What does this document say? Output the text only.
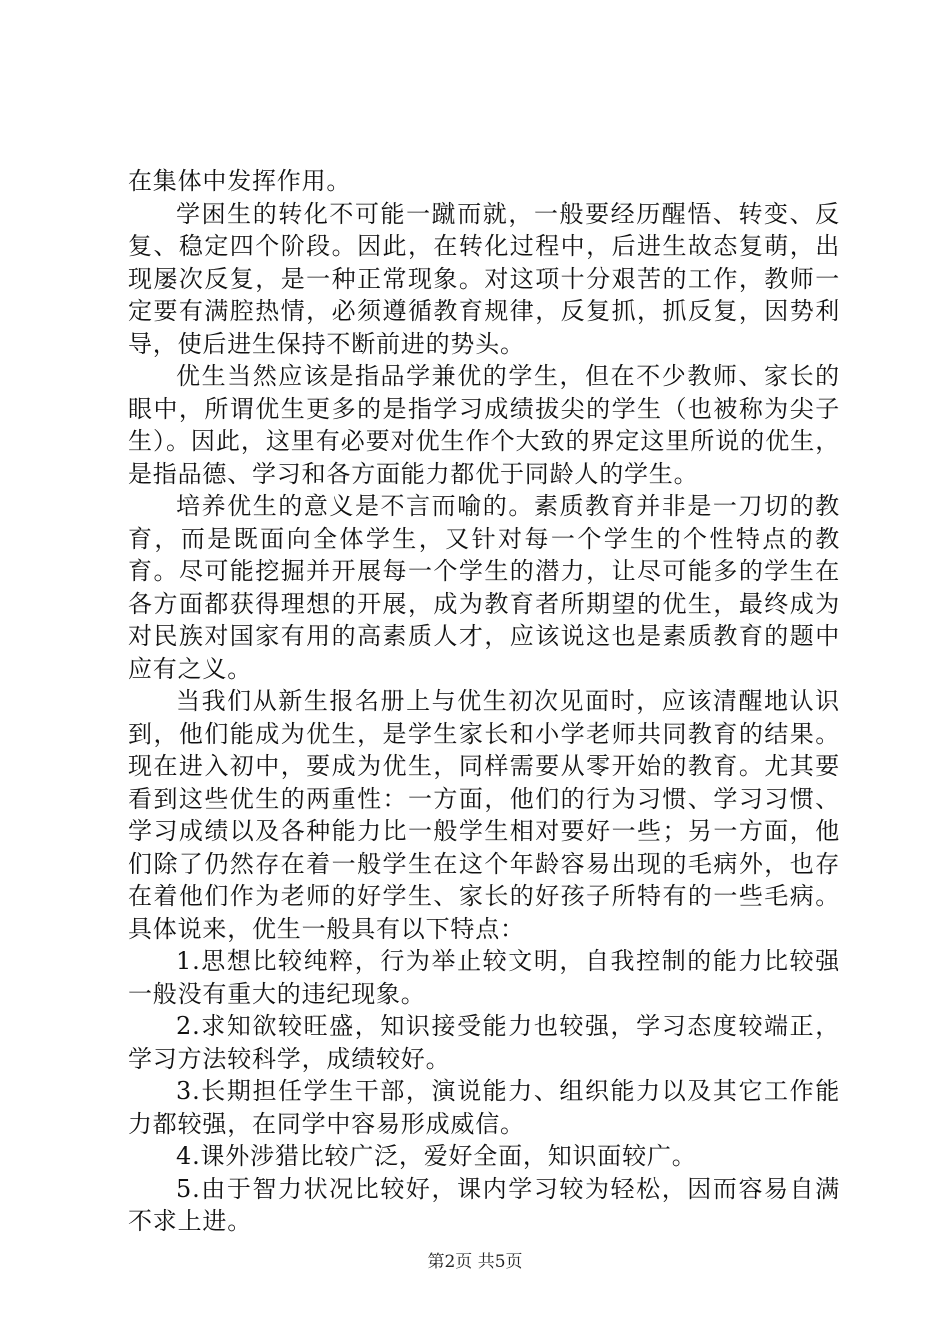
在集体中发挥作用。

学困生的转化不可能一蹴而就，一般要经历醒悟、转变、反复、稳定四个阶段。因此，在转化过程中，后进生故态复萌，出现屡次反复，是一种正常现象。对这项十分艰苦的工作，教师一定要有满腔热情，必须遵循教育规律，反复抓，抓反复，因势利导，使后进生保持不断前进的势头。

优生当然应该是指品学兼优的学生，但在不少教师、家长的眼中，所谓优生更多的是指学习成绩拔尖的学生（也被称为尖子生）。因此，这里有必要对优生作个大致的界定这里所说的优生，是指品德、学习和各方面能力都优于同龄人的学生。

培养优生的意义是不言而喻的。素质教育并非是一刀切的教育，而是既面向全体学生，又针对每一个学生的个性特点的教育。尽可能挖掘并开展每一个学生的潜力，让尽可能多的学生在各方面都获得理想的开展，成为教育者所期望的优生，最终成为对民族对国家有用的高素质人才，应该说这也是素质教育的题中应有之义。

当我们从新生报名册上与优生初次见面时，应该清醒地认识到，他们能成为优生，是学生家长和小学老师共同教育的结果。现在进入初中，要成为优生，同样需要从零开始的教育。尤其要看到这些优生的两重性：一方面，他们的行为习惯、学习习惯、学习成绩以及各种能力比一般学生相对要好一些；另一方面，他们除了仍然存在着一般学生在这个年龄容易出现的毛病外，也存在着他们作为老师的好学生、家长的好孩子所特有的一些毛病。具体说来，优生一般具有以下特点：

1.思想比较纯粹，行为举止较文明，自我控制的能力比较强一般没有重大的违纪现象。

2.求知欲较旺盛，知识接受能力也较强，学习态度较端正，学习方法较科学，成绩较好。

3.长期担任学生干部，演说能力、组织能力以及其它工作能力都较强，在同学中容易形成威信。

4.课外涉猎比较广泛，爱好全面，知识面较广。

5.由于智力状况比较好，课内学习较为轻松，因而容易自满不求上进。

第2页 共5页
